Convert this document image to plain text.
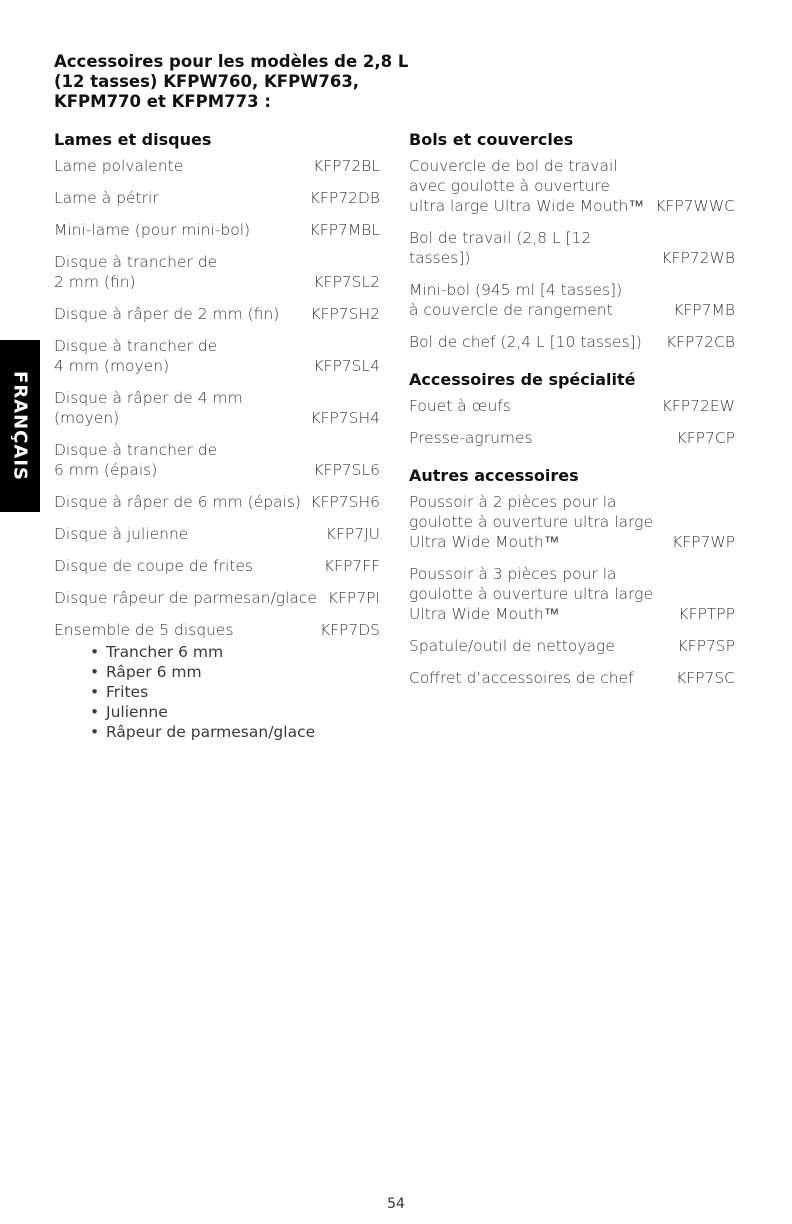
FRANÇAIS
Accessoires pour les modèles de 2,8 L
(12 tasses) KFPW760, KFPW763,
KFPM770 et KFPM773 :
Lames et disques
Lame polvalente	KFP72BL
Lame à pétrir	KFP72DB
Mini-lame (pour mini-bol)	KFP7MBL
Disque à trancher de
2 mm (fin)	KFP7SL2
Disque à râper de 2 mm (fin) KFP7SH2
Disque à trancher de
4 mm (moyen)	KFP7SL4
Disque à râper de 4 mm (moyen)	KFP7SH4
Disque à trancher de
6 mm (épais)	KFP7SL6
Disque à râper de 6 mm (épais) KFP7SH6
Disque à julienne	KFP7JU
Disque de coupe de frites	KFP7FF
Disque râpeur de parmesan/glace KFP7PI
Ensemble de 5 disques	KFP7DS
• Trancher 6 mm
• Râper 6 mm
• Frites
• Julienne
• Râpeur de parmesan/glace
Bols et couvercles
Couvercle de bol de travail
avec goulotte à ouverture
ultra large Ultra Wide Mouth™ KFP7WWC
Bol de travail (2,8 L [12 tasses])	KFP72WB
Mini-bol (945 ml [4 tasses])
à couvercle de rangement	KFP7MB
Bol de chef (2,4 L [10 tasses]) KFP72CB
Accessoires de spécialité
Fouet à œufs	KFP72EW
Presse-agrumes	KFP7CP
Autres accessoires
Poussoir à 2 pièces pour la
goulotte à ouverture ultra large
Ultra Wide Mouth™	KFP7WP
Poussoir à 3 pièces pour la
goulotte à ouverture ultra large
Ultra Wide Mouth™	KFPTPP
Spatule/outil de nettoyage	KFP7SP
Coffret d’accessoires de chef	KFP7SC
54
